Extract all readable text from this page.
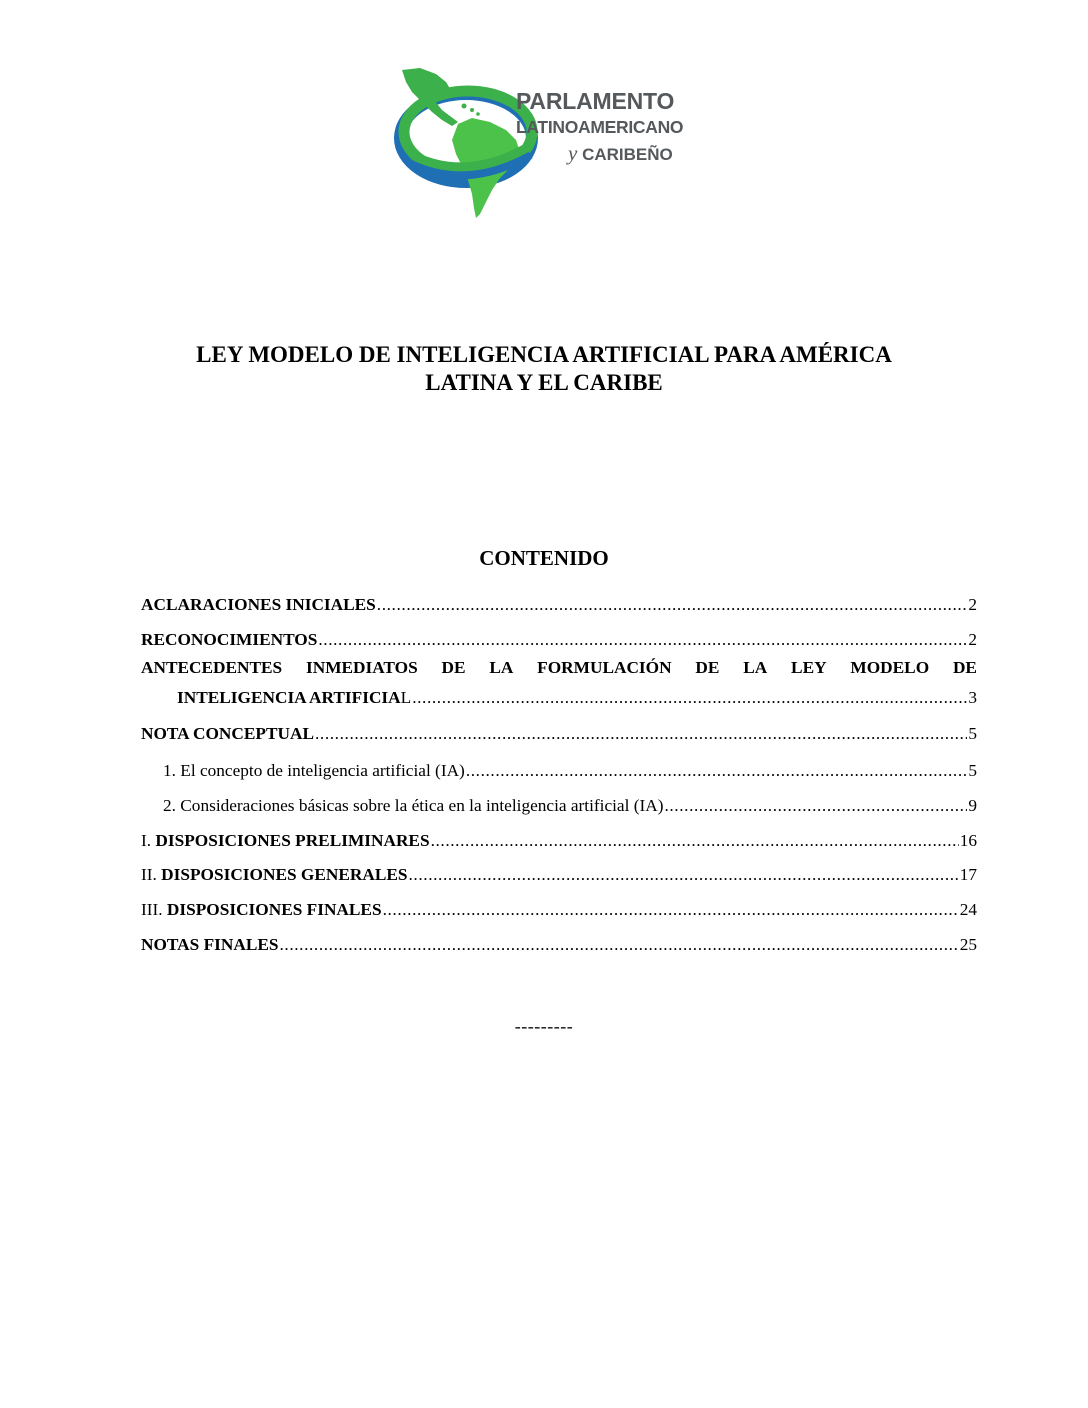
PARLAMENTO
LATINOAMERICANO
y CARIBEÑO
LEY MODELO DE INTELIGENCIA ARTIFICIAL PARA AMÉRICA
LATINA Y EL CARIBE
CONTENIDO
ACLARACIONES INICIALES .....	2
RECONOCIMIENTOS .....	2
ANTECEDENTES INMEDIATOS DE LA FORMULACIÓN DE LA LEY MODELO DE
INTELIGENCIA ARTIFICIA L .....	3
NOTA CONCEPTUAL .....	5
1. El concepto de inteligencia artificial (IA) .....	5
2. Consideraciones básicas sobre la ética en la inteligencia artificial (IA) .....	9
I.
DISPOSICIONES PRELIMINARES .....	16
II.
DISPOSICIONES GENERALES .....	17
III.
DISPOSICIONES FINALES .....	24
NOTAS FINALES .....	25
---------
